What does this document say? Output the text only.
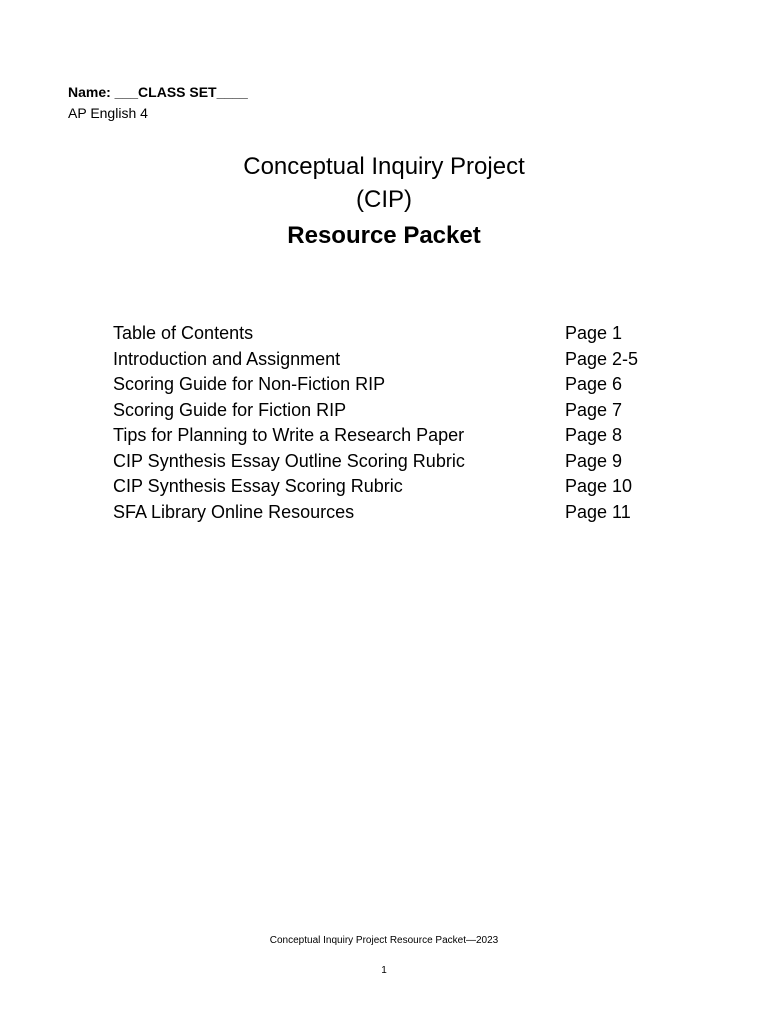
Name: ___CLASS SET____
AP English 4
Conceptual Inquiry Project
(CIP)
Resource Packet
Table of Contents	Page 1
Introduction and Assignment	Page 2-5
Scoring Guide for Non-Fiction RIP	Page 6
Scoring Guide for Fiction RIP	Page 7
Tips for Planning to Write a Research Paper	Page 8
CIP Synthesis Essay Outline Scoring Rubric	Page 9
CIP Synthesis Essay Scoring Rubric	Page 10
SFA Library Online Resources	Page 11
Conceptual Inquiry Project Resource Packet—2023
1
